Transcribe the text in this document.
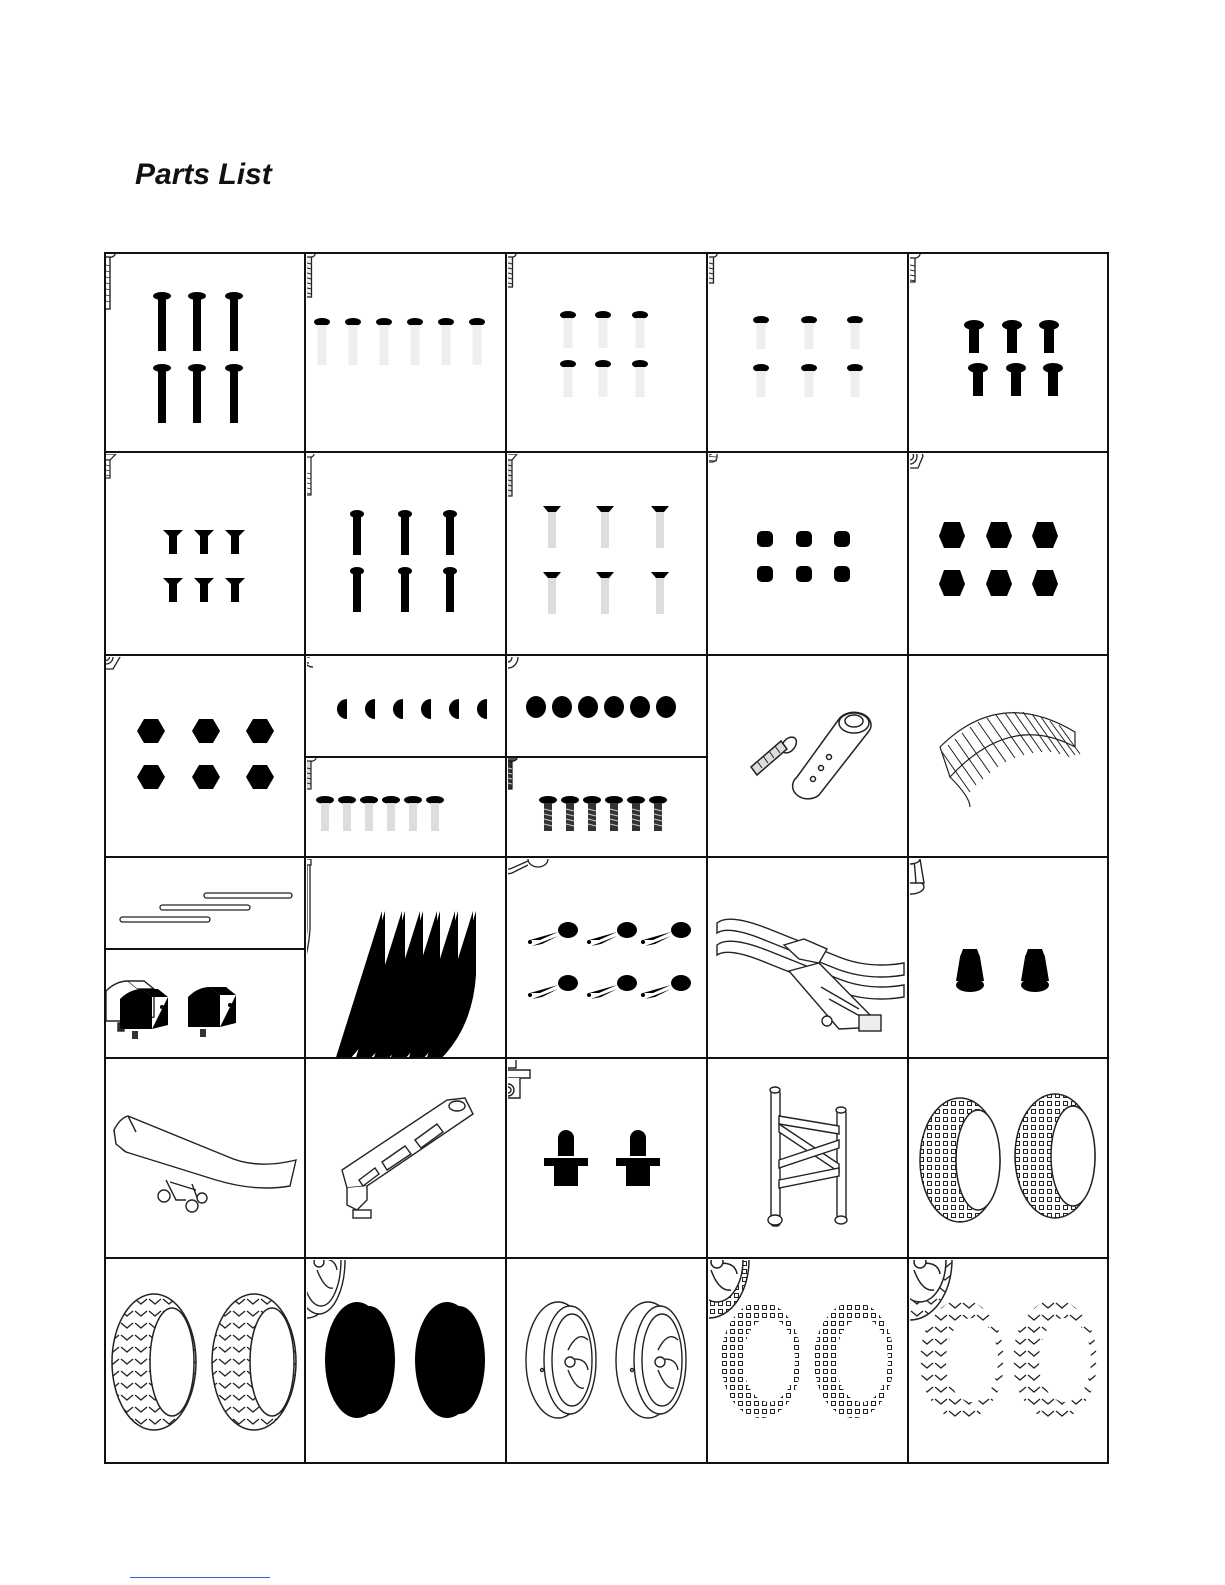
Parts List
